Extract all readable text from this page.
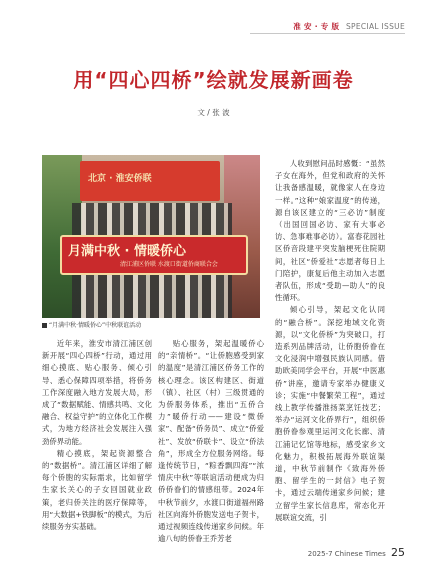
准 安 · 专 版 SPECIAL ISSUE
用“四心四桥”绘就发展新画卷
文 / 张 波
北京 · 淮安侨联
月满中秋 · 情暖侨心
清江浦区侨联 水渡口街道侨商联合会
“月满中秋·情暖侨心”中秋联谊活动

近年来，淮安市清江浦区创新开展“四心四桥”行动，通过用细心摸底、贴心服务、倾心引导、悉心保障四项举措，将侨务工作深度融入地方发展大局，形成了“数据赋能、情感共鸣、文化融合、权益守护”的立体化工作模式，为地方经济社会发展注入强劲侨界动能。

精心摸底，架起资源整合的“数据桥”。清江浦区详细了解每个侨胞的实际需求，比如留学生家长关心的子女回国就业政策，老归侨关注的医疗保障等，用“大数据+铁脚板”的模式，为后续服务夯实基础。

贴心服务，架起温暖侨心的“亲情桥”。“让侨胞感受到家的温度”是清江浦区侨务工作的核心理念。该区构建区、街道（镇）、社区（村）三级贯通的为侨服务体系，推出“五侨合力”暖侨行动——建设“微侨家”、配备“侨务员”、成立“侨爱社”、发放“侨联卡”、设立“侨法角”，形成全方位服务网络。每逢传统节日，“粽香飘四海”“浓情庆中秋”等联谊活动便成为归侨侨眷们的情感纽带。2024年中秋节前夕，水渡口街道福州路社区向海外侨胞发送电子贺卡，通过视频连线传递家乡问候。年逾八旬的侨眷王乔芳老

人收到慰问品时感慨：“虽然子女在海外，但党和政府的关怀让我备感温暖，就像家人在身边一样。”这种“娘家温度”的传递，源自该区建立的“三必访”制度（出国回国必访、家有大事必访、急事难事必访）。富春花园社区侨音段建平突发脑梗死住院期间，社区“侨爱社”志愿者每日上门陪护，康复后他主动加入志愿者队伍，形成“受助—助人”的良性循环。

倾心引导，架起文化认同的“融合桥”。深挖地域文化资源，以“文化侨桥”为突破口，打造系列品牌活动，让侨胞侨眷在文化浸润中增强民族认同感。借助欧美同学会平台，开展“中医惠侨”讲座，邀请专家举办健康义诊；实施“中餐繁荣工程”，通过线上教学传播淮扬菜烹饪技艺；举办“运河文化侨界行”，组织侨胞侨眷参观里运河文化长廊、清江浦记忆馆等地标，感受家乡文化魅力，积极拓展海外联谊渠道，中秋节前制作《致海外侨胞、留学生的一封信》电子贺卡，通过云端传递家乡问候；建立留学生家长信息库，常态化开展联谊交流，引

2025-7 Chinese Times 25
